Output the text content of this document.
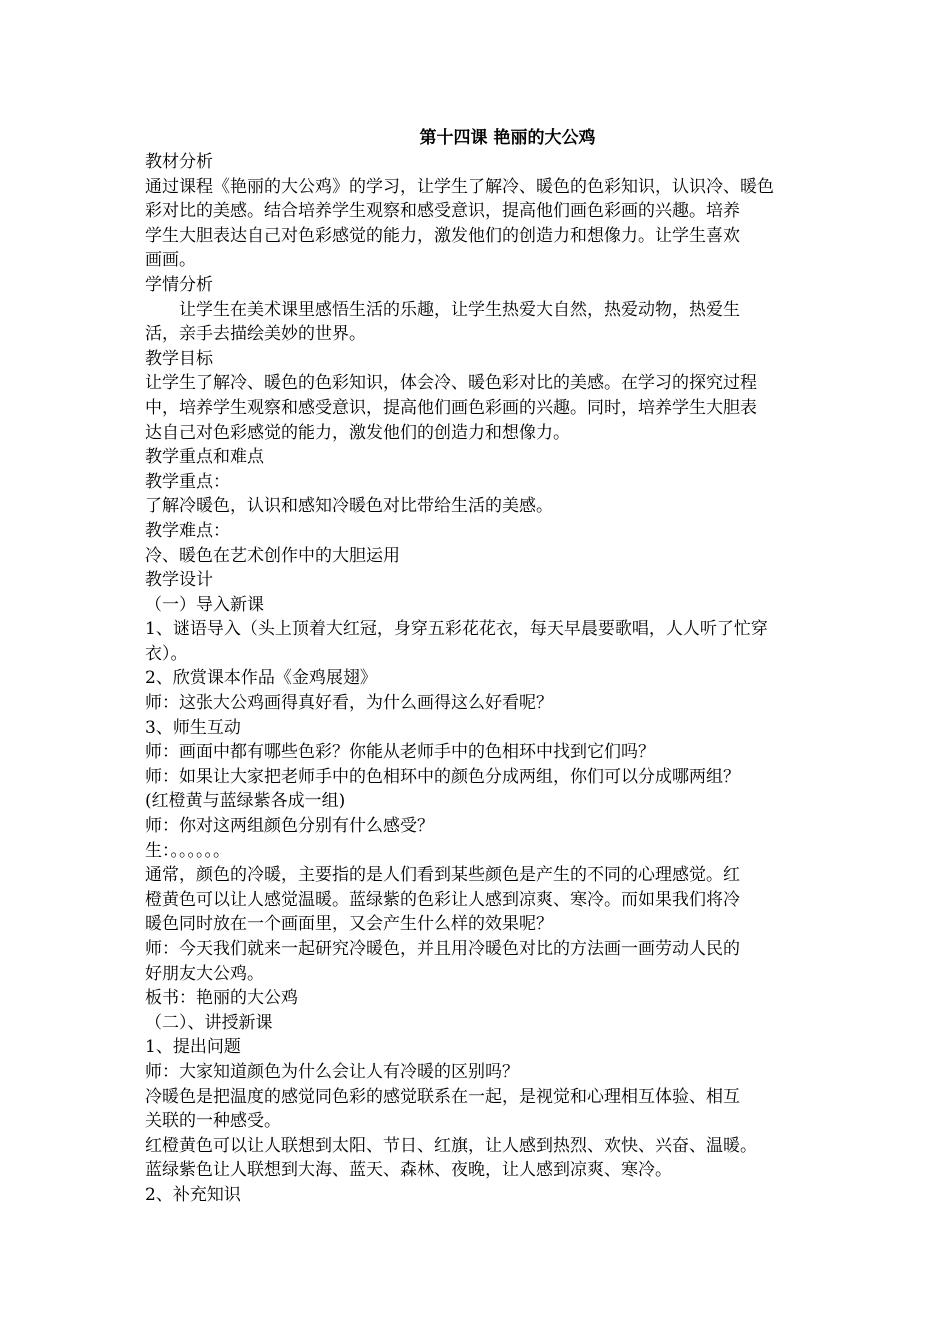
第十四课 艳丽的大公鸡

教材分析

通过课程《艳丽的大公鸡》的学习，让学生了解冷、暖色的色彩知识，认识冷、暖色

彩对比的美感。结合培养学生观察和感受意识，提高他们画色彩画的兴趣。培养

学生大胆表达自己对色彩感觉的能力，激发他们的创造力和想像力。让学生喜欢

画画。

学情分析

让学生在美术课里感悟生活的乐趣，让学生热爱大自然，热爱动物，热爱生

活，亲手去描绘美妙的世界。

教学目标

让学生了解冷、暖色的色彩知识，体会冷、暖色彩对比的美感。在学习的探究过程

中，培养学生观察和感受意识，提高他们画色彩画的兴趣。同时，培养学生大胆表

达自己对色彩感觉的能力，激发他们的创造力和想像力。

教学重点和难点

教学重点：

了解冷暖色，认识和感知冷暖色对比带给生活的美感。

教学难点：

冷、暖色在艺术创作中的大胆运用

教学设计

（一）导入新课

1、谜语导入（头上顶着大红冠，身穿五彩花花衣，每天早晨要歌唱，人人听了忙穿

衣）。

2、欣赏课本作品《金鸡展翅》

师：这张大公鸡画得真好看，为什么画得这么好看呢？

3、师生互动

师：画面中都有哪些色彩？你能从老师手中的色相环中找到它们吗？

师：如果让大家把老师手中的色相环中的颜色分成两组，你们可以分成哪两组？

(红橙黄与蓝绿紫各成一组)

师：你对这两组颜色分别有什么感受？

生：。。。。。。

通常，颜色的冷暖，主要指的是人们看到某些颜色是产生的不同的心理感觉。红

橙黄色可以让人感觉温暖。蓝绿紫的色彩让人感到凉爽、寒冷。而如果我们将冷

暖色同时放在一个画面里，又会产生什么样的效果呢？

师：今天我们就来一起研究冷暖色，并且用冷暖色对比的方法画一画劳动人民的

好朋友大公鸡。

板书：艳丽的大公鸡

（二）、讲授新课

1、提出问题

师：大家知道颜色为什么会让人有冷暖的区别吗？

冷暖色是把温度的感觉同色彩的感觉联系在一起，是视觉和心理相互体验、相互

关联的一种感受。

红橙黄色可以让人联想到太阳、节日、红旗，让人感到热烈、欢快、兴奋、温暖。

蓝绿紫色让人联想到大海、蓝天、森林、夜晚，让人感到凉爽、寒冷。

2、补充知识
